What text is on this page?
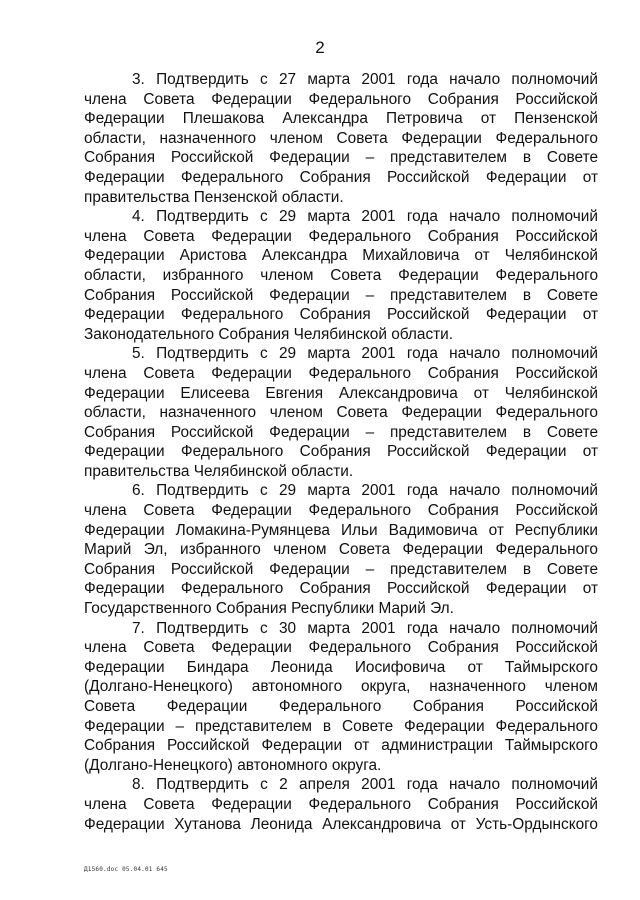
2
3. Подтвердить с 27 марта 2001 года начало полномочий
члена Совета Федерации Федерального Собрания Российской
Федерации Плешакова Александра Петровича от Пензенской
области, назначенного членом Совета Федерации Федерального
Собрания Российской Федерации – представителем в Совете
Федерации Федерального Собрания Российской Федерации от
правительства Пензенской области.
4. Подтвердить с 29 марта 2001 года начало полномочий
члена Совета Федерации Федерального Собрания Российской
Федерации Аристова Александра Михайловича от Челябинской
области, избранного членом Совета Федерации Федерального
Собрания Российской Федерации – представителем в Совете
Федерации Федерального Собрания Российской Федерации от
Законодательного Собрания Челябинской области.
5. Подтвердить с 29 марта 2001 года начало полномочий
члена Совета Федерации Федерального Собрания Российской
Федерации Елисеева Евгения Александровича от Челябинской
области, назначенного членом Совета Федерации Федерального
Собрания Российской Федерации – представителем в Совете
Федерации Федерального Собрания Российской Федерации от
правительства Челябинской области.
6. Подтвердить с 29 марта 2001 года начало полномочий
члена Совета Федерации Федерального Собрания Российской
Федерации Ломакина-Румянцева Ильи Вадимовича от Республики
Марий Эл, избранного членом Совета Федерации Федерального
Собрания Российской Федерации – представителем в Совете
Федерации Федерального Собрания Российской Федерации от
Государственного Собрания Республики Марий Эл.
7. Подтвердить с 30 марта 2001 года начало полномочий
члена Совета Федерации Федерального Собрания Российской
Федерации Биндара Леонида Иосифовича от Таймырского
(Долгано-Ненецкого) автономного округа, назначенного членом
Совета Федерации Федерального Собрания Российской
Федерации – представителем в Совете Федерации Федерального
Собрания Российской Федерации от администрации Таймырского
(Долгано-Ненецкого) автономного округа.
8. Подтвердить с 2 апреля 2001 года начало полномочий
члена Совета Федерации Федерального Собрания Российской
Федерации Хутанова Леонида Александровича от Усть-Ордынского
Д1560.doc 05.04.01 645
